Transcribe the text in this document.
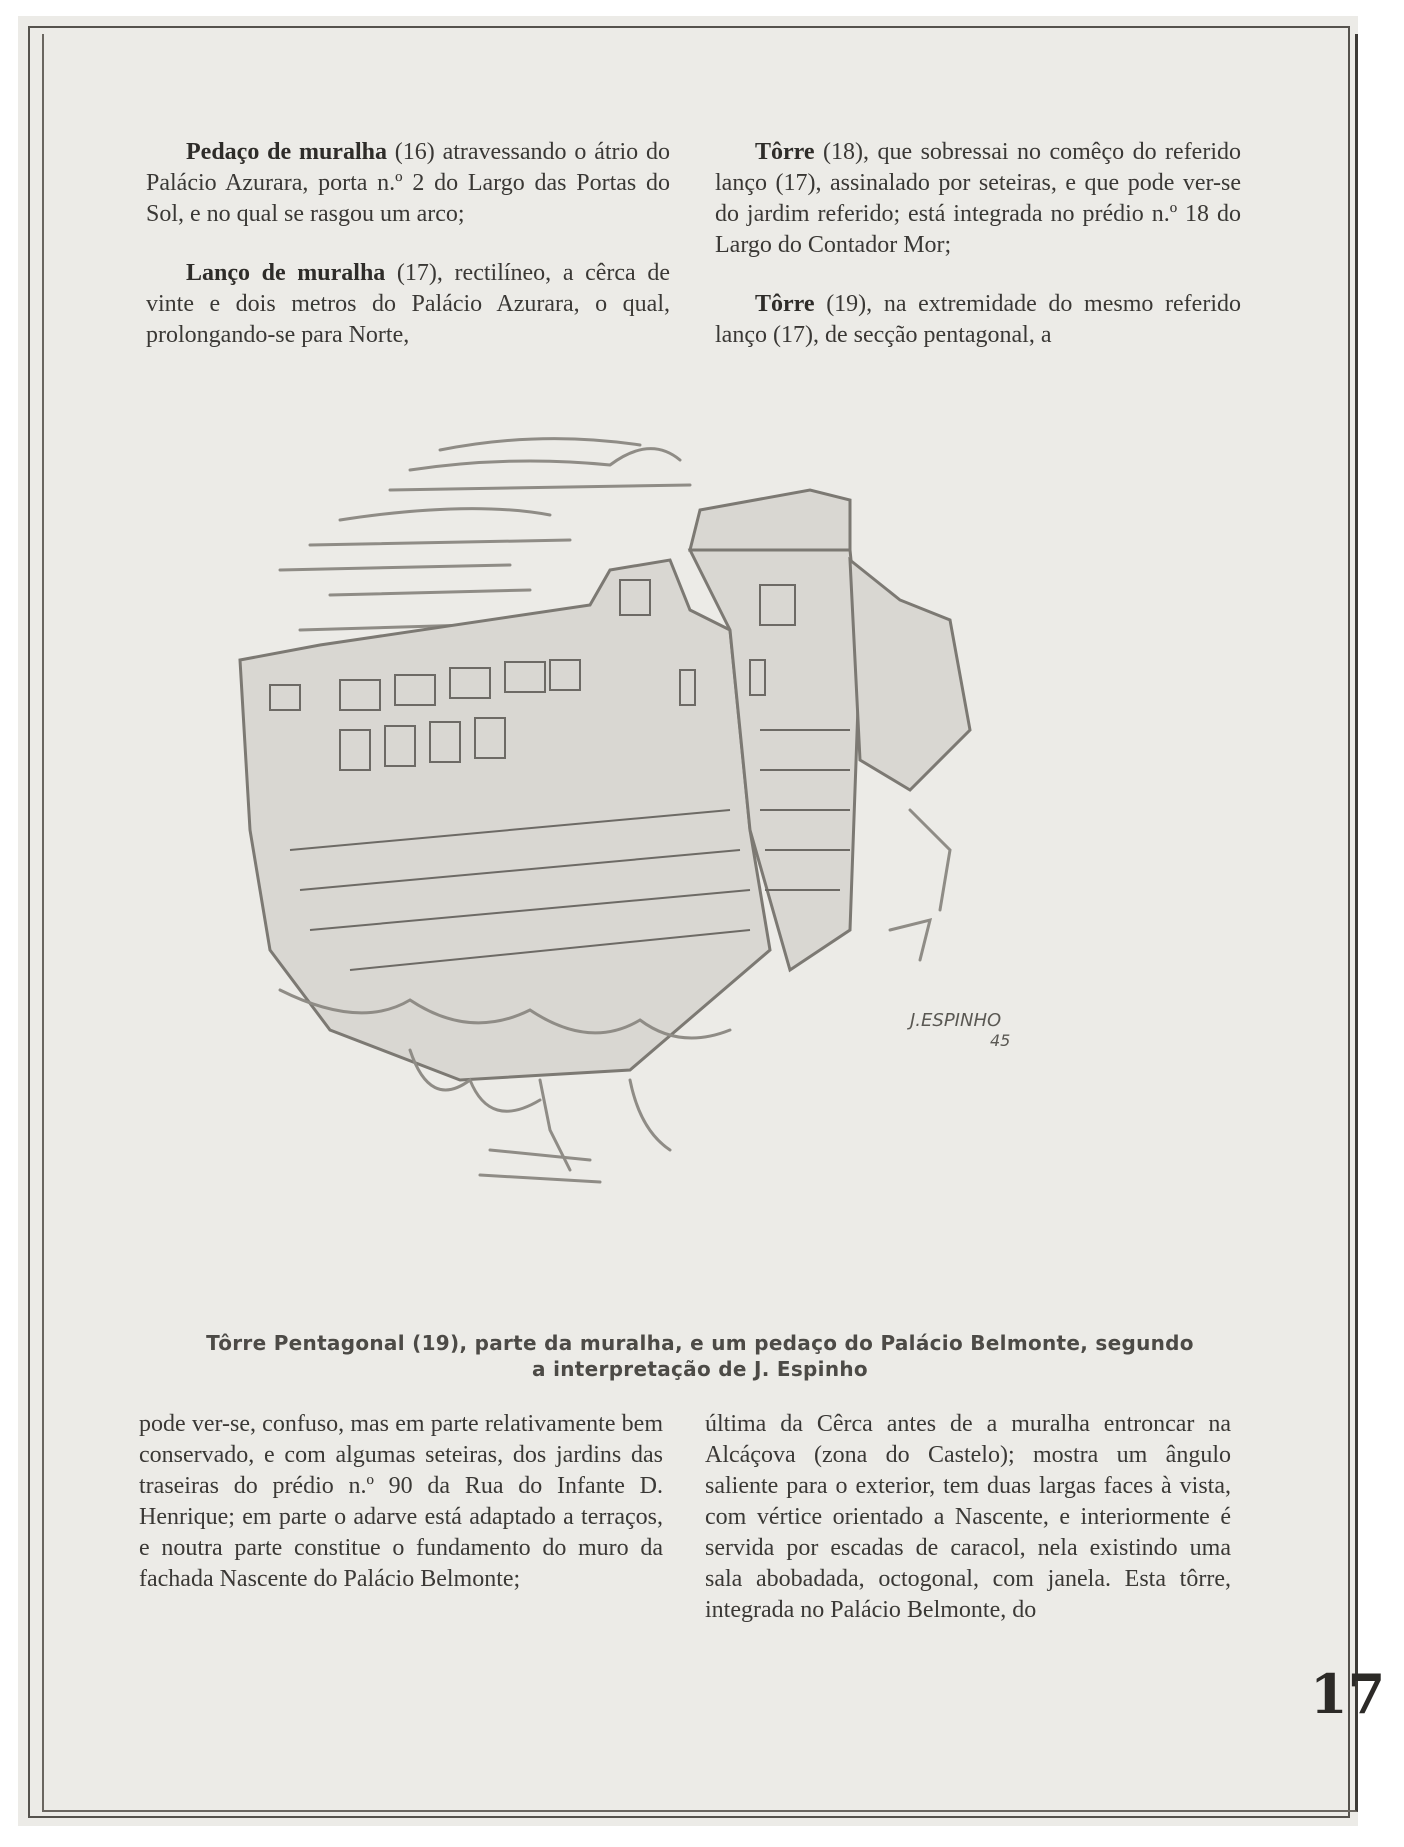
Pedaço de muralha (16) atravessando o átrio do Palácio Azurara, porta n.º 2 do Largo das Portas do Sol, e no qual se rasgou um arco;

Lanço de muralha (17), rectilíneo, a cêrca de vinte e dois metros do Palácio Azurara, o qual, prolongando-se para Norte,

Tôrre (18), que sobressai no comêço do referido lanço (17), assinalado por seteiras, e que pode ver-se do jardim referido; está integrada no prédio n.º 18 do Largo do Contador Mor;

Tôrre (19), na extremidade do mesmo referido lanço (17), de secção pentagonal, a

J.ESPINHO
45
Tôrre Pentagonal (19), parte da muralha, e um pedaço do Palácio Belmonte, segundo
a interpretação de J. Espinho

pode ver-se, confuso, mas em parte relativamente bem conservado, e com algumas seteiras, dos jardins das traseiras do prédio n.º 90 da Rua do Infante D. Henrique; em parte o adarve está adaptado a terraços, e noutra parte constitue o fundamento do muro da fachada Nascente do Palácio Belmonte;

última da Cêrca antes de a muralha entroncar na Alcáçova (zona do Castelo); mostra um ângulo saliente para o exterior, tem duas largas faces à vista, com vértice orientado a Nascente, e interiormente é servida por escadas de caracol, nela existindo uma sala abobadada, octogonal, com janela. Esta tôrre, integrada no Palácio Belmonte, do

17
